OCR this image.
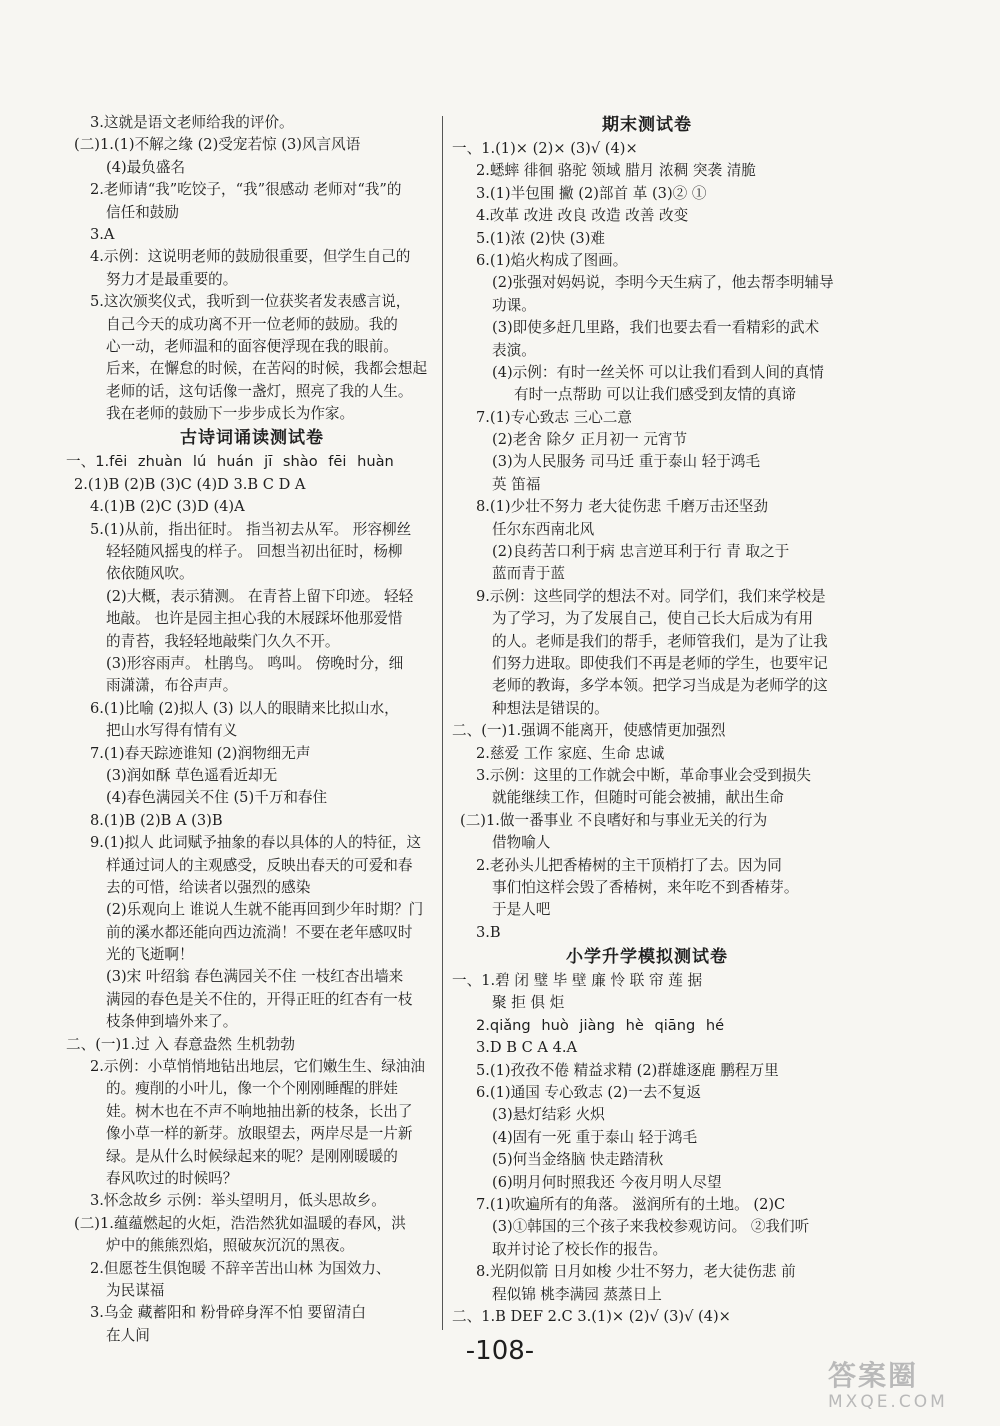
3.这就是语文老师给我的评价。
(二)1.(1)不解之缘 (2)受宠若惊 (3)风言风语
(4)最负盛名
2.老师请“我”吃饺子，“我”很感动 老师对“我”的
信任和鼓励
3.A
4.示例：这说明老师的鼓励很重要，但学生自己的
努力才是最重要的。
5.这次颁奖仪式，我听到一位获奖者发表感言说，
自己今天的成功离不开一位老师的鼓励。我的
心一动，老师温和的面容便浮现在我的眼前。
后来，在懈怠的时候，在苦闷的时候，我都会想起
老师的话，这句话像一盏灯，照亮了我的人生。
我在老师的鼓励下一步步成长为作家。
古诗词诵读测试卷
一、1.fēi zhuàn lú huán jī shào fēi huàn
2.(1)B (2)B (3)C (4)D 3.B C D A
4.(1)B (2)C (3)D (4)A
5.(1)从前，指出征时。 指当初去从军。 形容柳丝
轻轻随风摇曳的样子。 回想当初出征时，杨柳
依依随风吹。
(2)大概，表示猜测。 在青苔上留下印迹。 轻轻
地敲。 也许是园主担心我的木屐踩坏他那爱惜
的青苔，我轻轻地敲柴门久久不开。
(3)形容雨声。 杜鹃鸟。 鸣叫。 傍晚时分，细
雨潇潇，布谷声声。
6.(1)比喻 (2)拟人 (3) 以人的眼睛来比拟山水，
把山水写得有情有义
7.(1)春天踪迹谁知 (2)润物细无声
(3)润如酥 草色遥看近却无
(4)春色满园关不住 (5)千万和春住
8.(1)B (2)B A (3)B
9.(1)拟人 此词赋予抽象的春以具体的人的特征，这
样通过词人的主观感受，反映出春天的可爱和春
去的可惜，给读者以强烈的感染
(2)乐观向上 谁说人生就不能再回到少年时期？门
前的溪水都还能向西边流淌！不要在老年感叹时
光的飞逝啊！
(3)宋 叶绍翁 春色满园关不住 一枝红杏出墙来
满园的春色是关不住的，开得正旺的红杏有一枝
枝条伸到墙外来了。
二、(一)1.过 入 春意盎然 生机勃勃
2.示例：小草悄悄地钻出地层，它们嫩生生、绿油油
的。瘦削的小叶儿，像一个个刚刚睡醒的胖娃
娃。树木也在不声不响地抽出新的枝条，长出了
像小草一样的新芽。放眼望去，两岸尽是一片新
绿。是从什么时候绿起来的呢？是刚刚暖暖的
春风吹过的时候吗？
3.怀念故乡 示例：举头望明月，低头思故乡。
(二)1.蕴蕴燃起的火炬，浩浩然犹如温暖的春风，洪
炉中的熊熊烈焰，照破灰沉沉的黑夜。
2.但愿苍生俱饱暖 不辞辛苦出山林 为国效力、
为民谋福
3.乌金 藏蓄阳和 粉骨碎身浑不怕 要留清白
在人间
期末测试卷
一、1.(1)× (2)× (3)√ (4)×
2.蟋蟀 徘徊 骆驼 领域 腊月 浓稠 突袭 清脆
3.(1)半包围 撇 (2)部首 革 (3)② ①
4.改革 改进 改良 改造 改善 改变
5.(1)浓 (2)快 (3)难
6.(1)焰火构成了图画。
(2)张强对妈妈说，李明今天生病了，他去帮李明辅导
功课。
(3)即使多赶几里路，我们也要去看一看精彩的武术
表演。
(4)示例：有时一丝关怀 可以让我们看到人间的真情
有时一点帮助 可以让我们感受到友情的真谛
7.(1)专心致志 三心二意
(2)老舍 除夕 正月初一 元宵节
(3)为人民服务 司马迁 重于泰山 轻于鸿毛
英 笛福
8.(1)少壮不努力 老大徒伤悲 千磨万击还坚劲
任尔东西南北风
(2)良药苦口利于病 忠言逆耳利于行 青 取之于
蓝而青于蓝
9.示例：这些同学的想法不对。同学们，我们来学校是
为了学习，为了发展自己，使自己长大后成为有用
的人。老师是我们的帮手，老师管我们，是为了让我
们努力进取。即使我们不再是老师的学生，也要牢记
老师的教诲，多学本领。把学习当成是为老师学的这
种想法是错误的。
二、(一)1.强调不能离开，使感情更加强烈
2.慈爱 工作 家庭、生命 忠诚
3.示例：这里的工作就会中断，革命事业会受到损失
就能继续工作，但随时可能会被捕，献出生命
(二)1.做一番事业 不良嗜好和与事业无关的行为
借物喻人
2.老孙头儿把香椿树的主干顶梢打了去。因为同
事们怕这样会毁了香椿树，来年吃不到香椿芽。
于是人吧
3.B
小学升学模拟测试卷
一、1.碧 闭 璧 毕 壁 廉 怜 联 帘 莲 据
聚 拒 俱 炬
2.qiǎng huò jiàng hè qiāng hé
3.D B C A 4.A
5.(1)孜孜不倦 精益求精 (2)群雄逐鹿 鹏程万里
6.(1)通国 专心致志 (2)一去不复返
(3)悬灯结彩 火炽
(4)固有一死 重于泰山 轻于鸿毛
(5)何当金络脑 快走踏清秋
(6)明月何时照我还 今夜月明人尽望
7.(1)吹遍所有的角落。 滋润所有的土地。 (2)C
(3)①韩国的三个孩子来我校参观访问。 ②我们听
取并讨论了校长作的报告。
8.光阴似箭 日月如梭 少壮不努力，老大徒伤悲 前
程似锦 桃李满园 蒸蒸日上
二、1.B DEF 2.C 3.(1)× (2)√ (3)√ (4)×
-108-
答案圈
MXQE.COM
